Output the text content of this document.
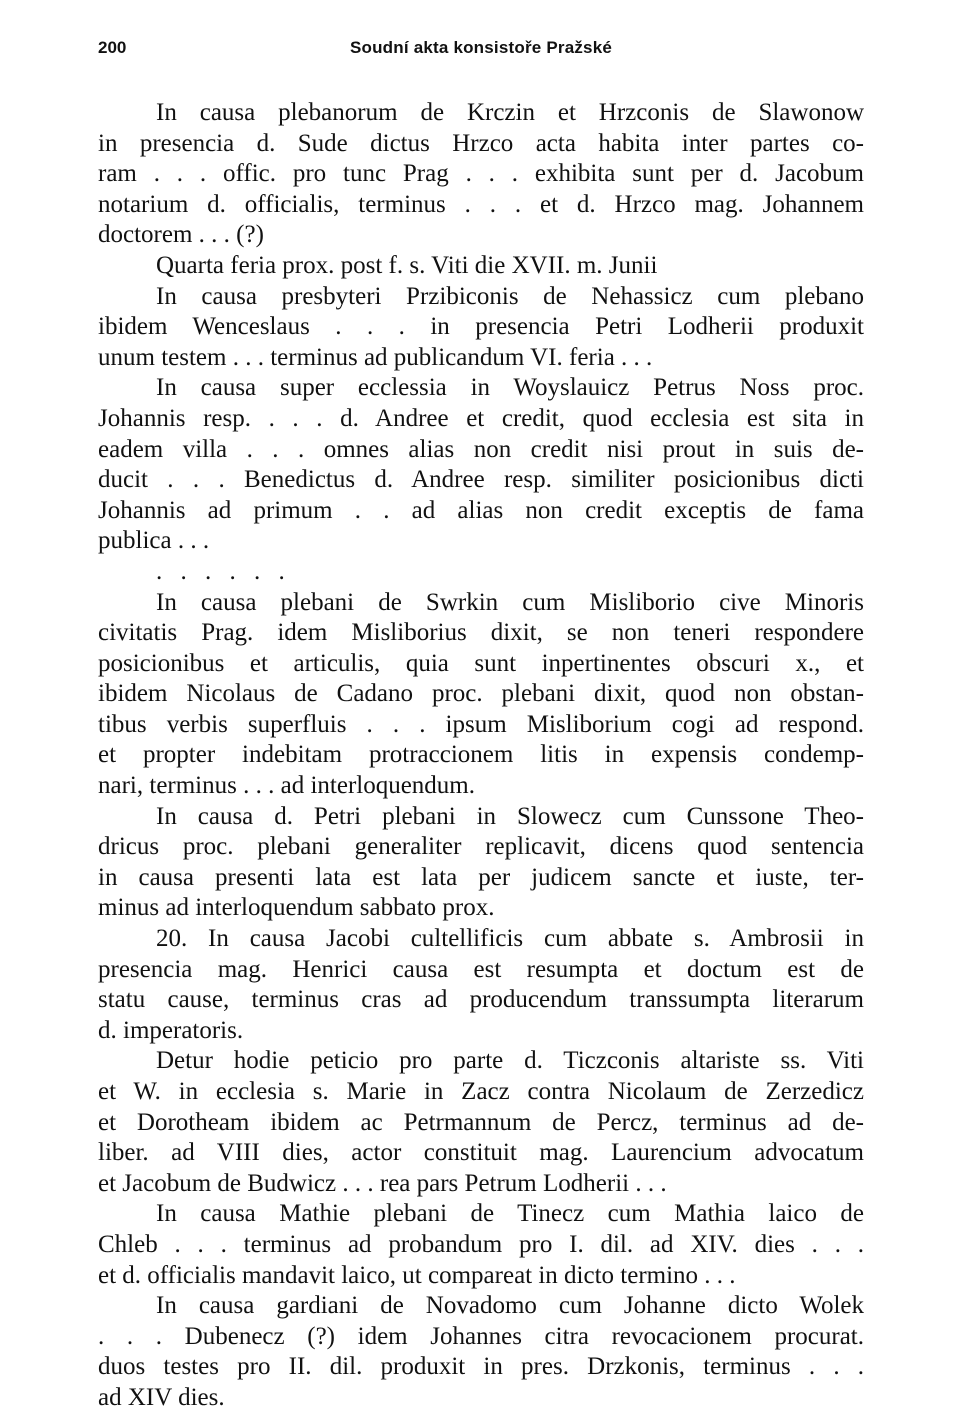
200	Soudní akta konsistoře Pražské
In causa plebanorum de Krczin et Hrzconis de Slawonow
in presencia d. Sude dictus Hrzco acta habita inter partes co-
ram . . . offic. pro tunc Prag . . . exhibita sunt per d. Jacobum
notarium d. officialis, terminus . . . et d. Hrzco mag. Johannem
doctorem . . . (?)
Quarta feria prox. post f. s. Viti die XVII. m. Junii
In causa presbyteri Przibiconis de Nehassicz cum plebano
ibidem Wenceslaus . . . in presencia Petri Lodherii produxit
unum testem . . . terminus ad publicandum VI. feria . . .
In causa super ecclessia in Woyslauicz Petrus Noss proc.
Johannis resp. . . . d. Andree et credit, quod ecclesia est sita in
eadem villa . . . omnes alias non credit nisi prout in suis de-
ducit . . . Benedictus d. Andree resp. similiter posicionibus dicti
Johannis ad primum . . ad alias non credit exceptis de fama
publica . . .
. . . . . .
In causa plebani de Swrkin cum Misliborio cive Minoris
civitatis Prag. idem Misliborius dixit, se non teneri respondere
posicionibus et articulis, quia sunt inpertinentes obscuri x., et
ibidem Nicolaus de Cadano proc. plebani dixit, quod non obstan-
tibus verbis superfluis . . . ipsum Misliborium cogi ad respond.
et propter indebitam protraccionem litis in expensis condemp-
nari, terminus . . . ad interloquendum.
In causa d. Petri plebani in Slowecz cum Cunssone Theo-
dricus proc. plebani generaliter replicavit, dicens quod sentencia
in causa presenti lata est lata per judicem sancte et iuste, ter-
minus ad interloquendum sabbato prox.
20. In causa Jacobi cultellificis cum abbate s. Ambrosii in
presencia mag. Henrici causa est resumpta et doctum est de
statu cause, terminus cras ad producendum transsumpta literarum
d. imperatoris.
Detur hodie peticio pro parte d. Ticzconis altariste ss. Viti
et W. in ecclesia s. Marie in Zacz contra Nicolaum de Zerzedicz
et Dorotheam ibidem ac Petrmannum de Percz, terminus ad de-
liber. ad VIII dies, actor constituit mag. Laurencium advocatum
et Jacobum de Budwicz . . . rea pars Petrum Lodherii . . .
In causa Mathie plebani de Tinecz cum Mathia laico de
Chleb . . . terminus ad probandum pro I. dil. ad XIV. dies . . .
et d. officialis mandavit laico, ut compareat in dicto termino . . .
In causa gardiani de Novadomo cum Johanne dicto Wolek
. . . Dubenecz (?) idem Johannes citra revocacionem procurat.
duos testes pro II. dil. produxit in pres. Drzkonis, terminus . . .
ad XIV dies.
